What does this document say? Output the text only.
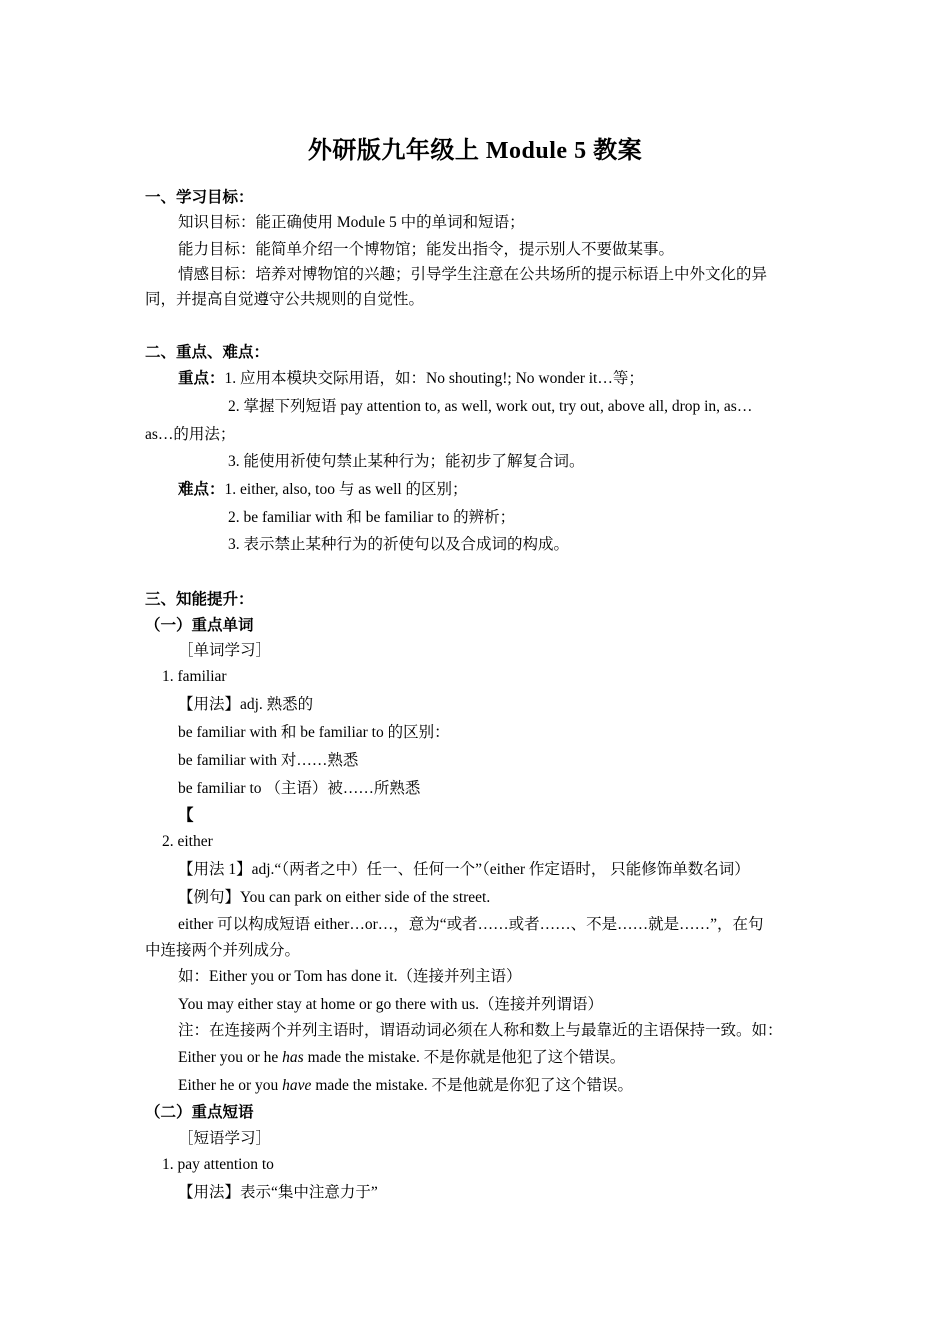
外研版九年级上 Module 5 教案
一、学习目标：
知识目标：能正确使用 Module 5 中的单词和短语；
能力目标：能简单介绍一个博物馆；能发出指令，提示别人不要做某事。
情感目标：培养对博物馆的兴趣；引导学生注意在公共场所的提示标语上中外文化的异
同，并提高自觉遵守公共规则的自觉性。
二、重点、难点：
重点：1. 应用本模块交际用语，如：No shouting!; No wonder it…等；
2. 掌握下列短语 pay attention to, as well, work out, try out, above all, drop in, as…
as…的用法；
3. 能使用祈使句禁止某种行为；能初步了解复合词。
难点：1. either, also, too 与 as well 的区别；
2. be familiar with 和 be familiar to 的辨析；
3. 表示禁止某种行为的祈使句以及合成词的构成。
三、知能提升：
（一）重点单词
［单词学习］
1. familiar
【用法】adj. 熟悉的
be familiar with 和 be familiar to 的区别：
be familiar with 对……熟悉
be familiar to （主语）被……所熟悉
【
2. either
【用法 1】adj.“（两者之中）任一、任何一个”（either 作定语时， 只能修饰单数名词）
【例句】You can park on either side of the street.
either 可以构成短语 either…or…，意为“或者……或者……、不是……就是……”，在句
中连接两个并列成分。
如：Either you or Tom has done it.（连接并列主语）
You may either stay at home or go there with us.（连接并列谓语）
注：在连接两个并列主语时，谓语动词必须在人称和数上与最靠近的主语保持一致。如：
Either you or he has made the mistake. 不是你就是他犯了这个错误。
Either he or you have made the mistake. 不是他就是你犯了这个错误。
（二）重点短语
［短语学习］
1. pay attention to
【用法】表示“集中注意力于”
